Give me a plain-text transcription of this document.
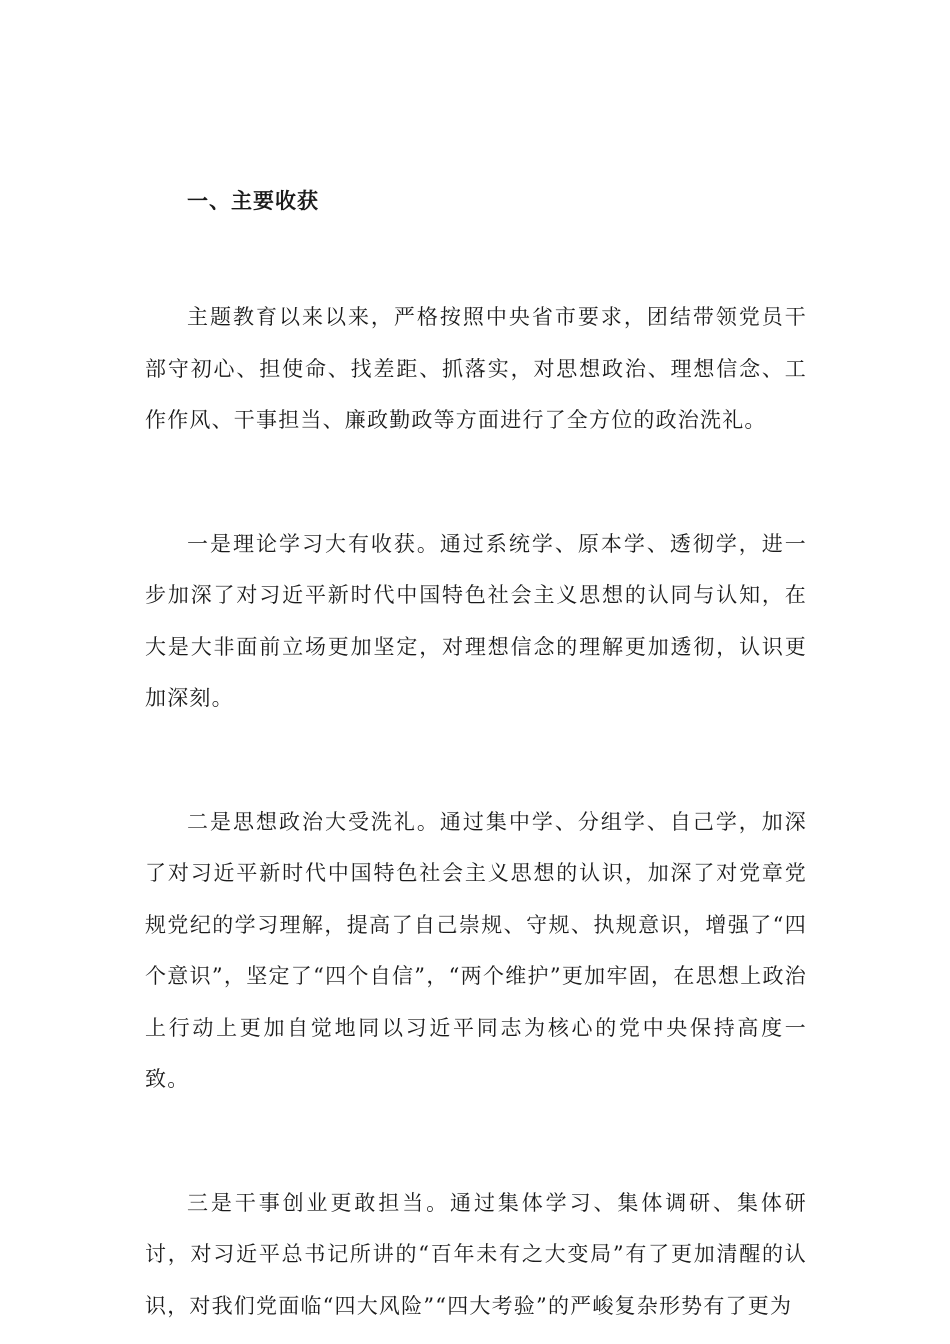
一、主要收获

主题教育以来以来，严格按照中央省市要求，团结带领党员干部守初心、担使命、找差距、抓落实，对思想政治、理想信念、工作作风、干事担当、廉政勤政等方面进行了全方位的政治洗礼。

一是理论学习大有收获。通过系统学、原本学、透彻学，进一步加深了对习近平新时代中国特色社会主义思想的认同与认知，在大是大非面前立场更加坚定，对理想信念的理解更加透彻，认识更加深刻。

二是思想政治大受洗礼。通过集中学、分组学、自己学，加深了对习近平新时代中国特色社会主义思想的认识，加深了对党章党规党纪的学习理解，提高了自己崇规、守规、执规意识，增强了“四个意识”，坚定了“四个自信”，“两个维护”更加牢固，在思想上政治上行动上更加自觉地同以习近平同志为核心的党中央保持高度一致。

三是干事创业更敢担当。通过集体学习、集体调研、集体研讨，对习近平总书记所讲的“百年未有之大变局”有了更加清醒的认识，对我们党面临“四大风险”“四大考验”的严峻复杂形势有了更为
